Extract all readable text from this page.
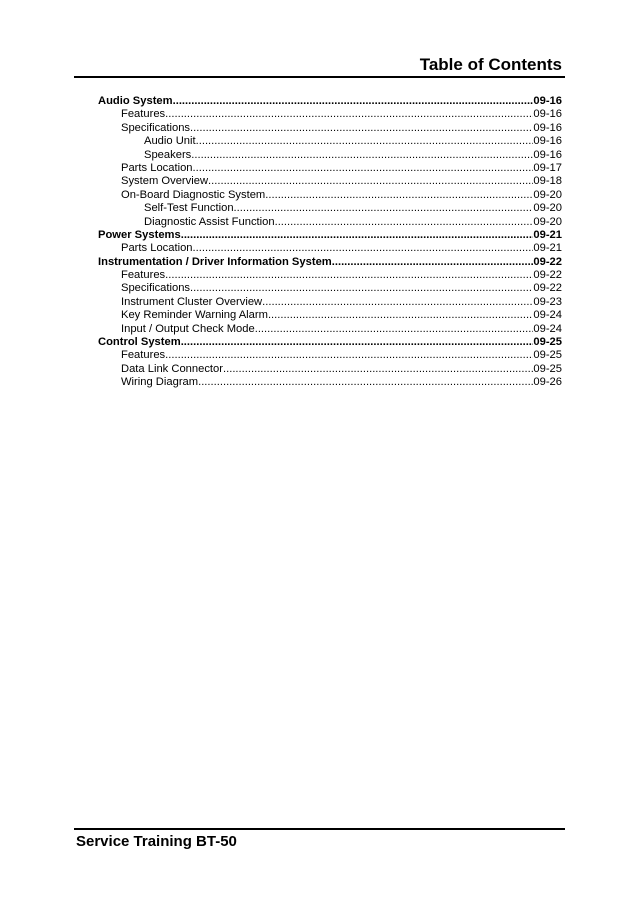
Table of Contents
Audio System .....	09-16
Features .....	09-16
Specifications .....	09-16
Audio Unit .....	09-16
Speakers .....	09-16
Parts Location .....	09-17
System Overview .....	09-18
On-Board Diagnostic System .....	09-20
Self-Test Function .....	09-20
Diagnostic Assist Function .....	09-20
Power Systems .....	09-21
Parts Location .....	09-21
Instrumentation / Driver Information System .....	09-22
Features .....	09-22
Specifications .....	09-22
Instrument Cluster Overview .....	09-23
Key Reminder Warning Alarm .....	09-24
Input / Output Check Mode .....	09-24
Control System .....	09-25
Features .....	09-25
Data Link Connector .....	09-25
Wiring Diagram .....	09-26
Service Training BT-50
